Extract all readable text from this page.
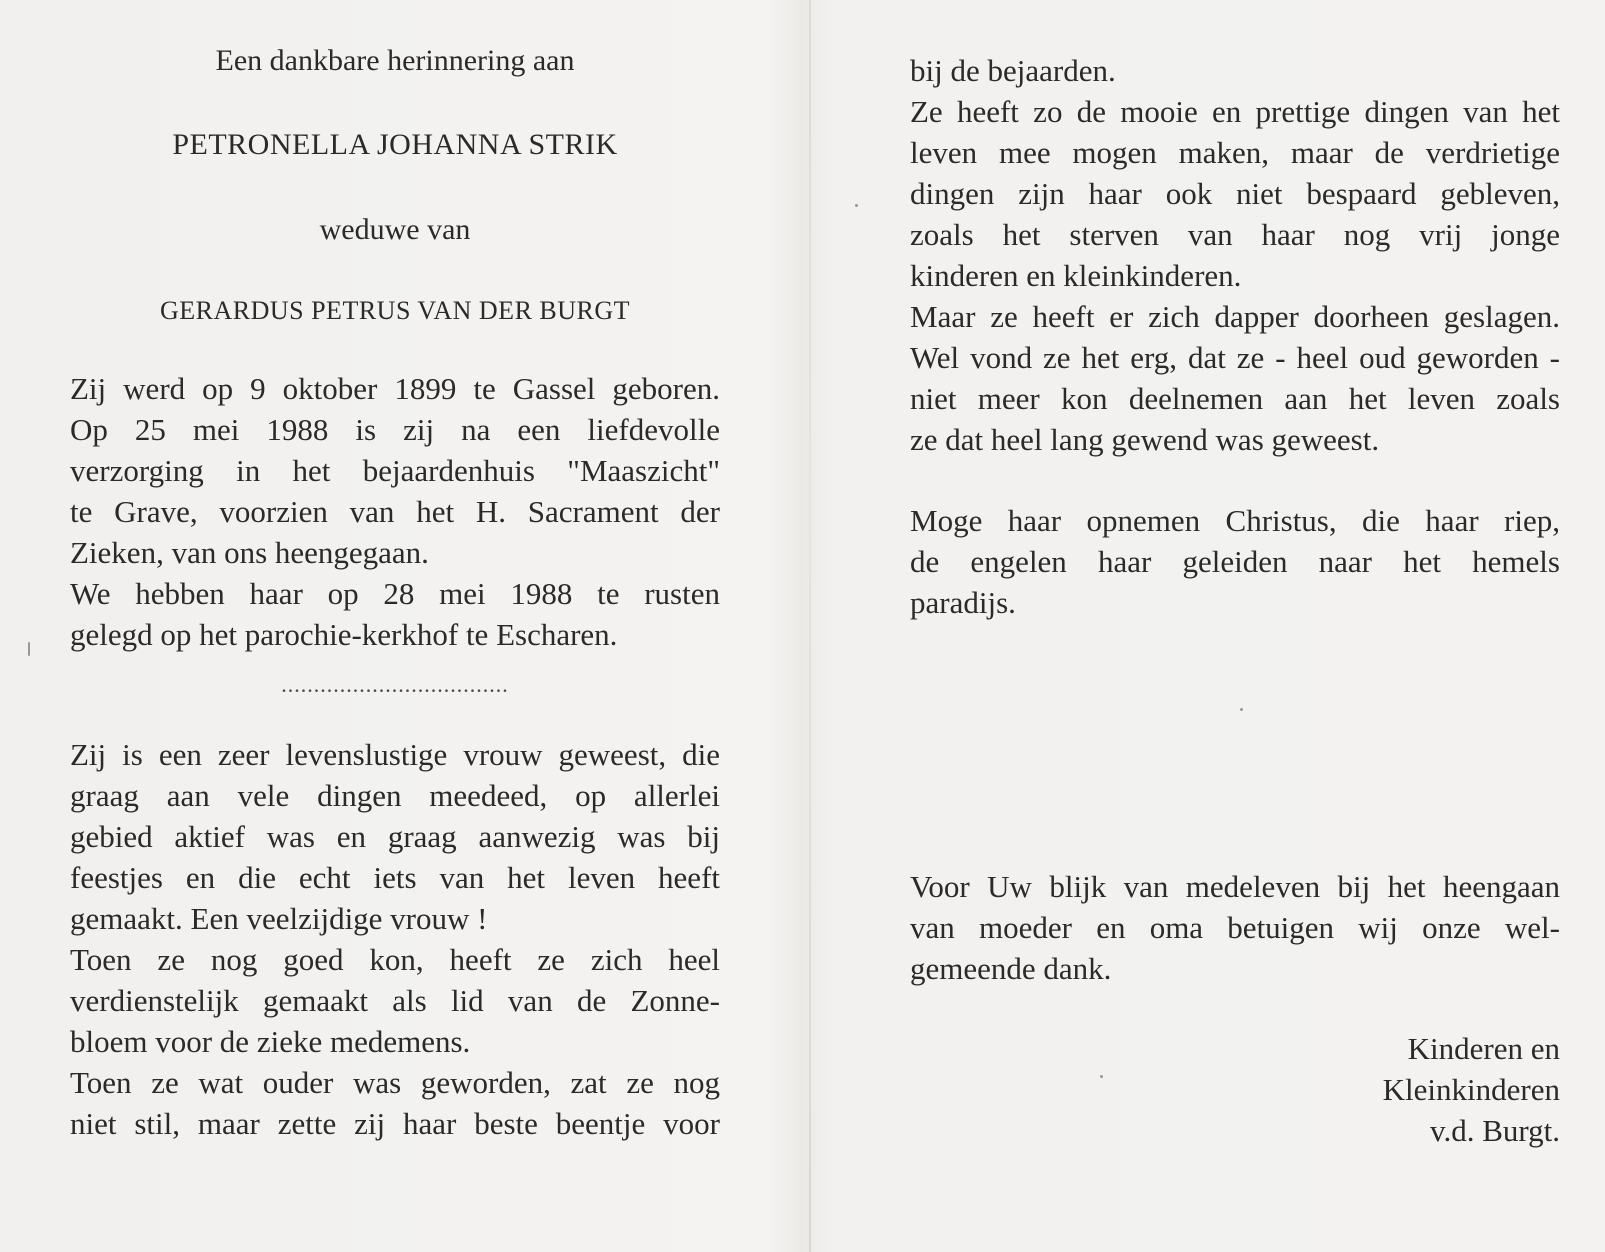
Een dankbare herinnering aan
PETRONELLA JOHANNA STRIK
weduwe van
GERARDUS PETRUS VAN DER BURGT
Zij werd op 9 oktober 1899 te Gassel geboren.
Op 25 mei 1988 is zij na een liefdevolle
verzorging in het bejaardenhuis "Maaszicht"
te Grave, voorzien van het H. Sacrament der
Zieken, van ons heengegaan.
We hebben haar op 28 mei 1988 te rusten
gelegd op het parochie-kerkhof te Escharen.
...................................
Zij is een zeer levenslustige vrouw geweest, die
graag aan vele dingen meedeed, op allerlei
gebied aktief was en graag aanwezig was bij
feestjes en die echt iets van het leven heeft
gemaakt. Een veelzijdige vrouw !
Toen ze nog goed kon, heeft ze zich heel
verdienstelijk gemaakt als lid van de Zonne-
bloem voor de zieke medemens.
Toen ze wat ouder was geworden, zat ze nog
niet stil, maar zette zij haar beste beentje voor
bij de bejaarden.
Ze heeft zo de mooie en prettige dingen van het
leven mee mogen maken, maar de verdrietige
dingen zijn haar ook niet bespaard gebleven,
zoals het sterven van haar nog vrij jonge
kinderen en kleinkinderen.
Maar ze heeft er zich dapper doorheen geslagen.
Wel vond ze het erg, dat ze - heel oud geworden -
niet meer kon deelnemen aan het leven zoals
ze dat heel lang gewend was geweest.
Moge haar opnemen Christus, die haar riep,
de engelen haar geleiden naar het hemels
paradijs.
Voor Uw blijk van medeleven bij het heengaan
van moeder en oma betuigen wij onze wel-
gemeende dank.
Kinderen en
Kleinkinderen
v.d. Burgt.
